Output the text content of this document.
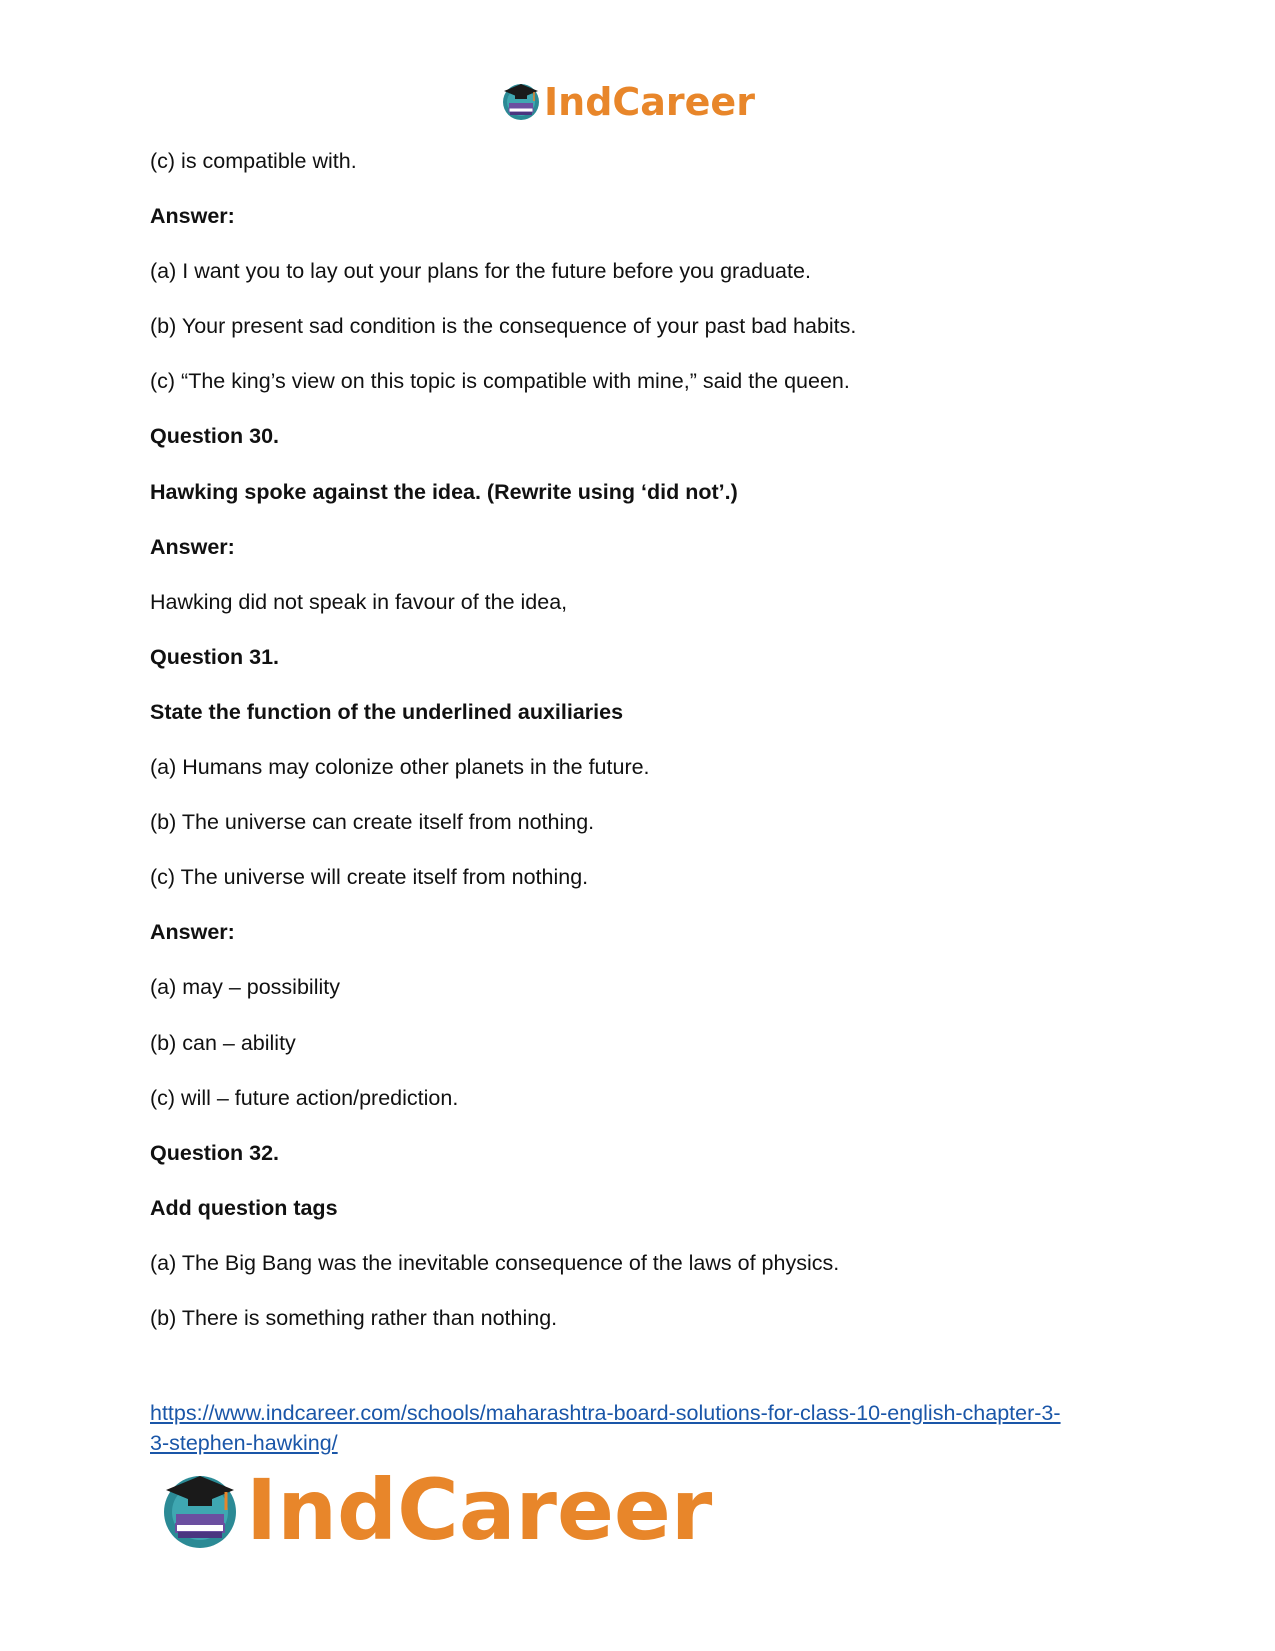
IndCareer
(c) is compatible with.
Answer:
(a) I want you to lay out your plans for the future before you graduate.
(b) Your present sad condition is the consequence of your past bad habits.
(c) “The king’s view on this topic is compatible with mine,” said the queen.
Question 30.
Hawking spoke against the idea. (Rewrite using ‘did not’.)
Answer:
Hawking did not speak in favour of the idea,
Question 31.
State the function of the underlined auxiliaries
(a) Humans may colonize other planets in the future.
(b) The universe can create itself from nothing.
(c) The universe will create itself from nothing.
Answer:
(a) may – possibility
(b) can – ability
(c) will – future action/prediction.
Question 32.
Add question tags
(a) The Big Bang was the inevitable consequence of the laws of physics.
(b) There is something rather than nothing.
https://www.indcareer.com/schools/maharashtra-board-solutions-for-class-10-english-chapter-3-
3-stephen-hawking/
IndCareer
